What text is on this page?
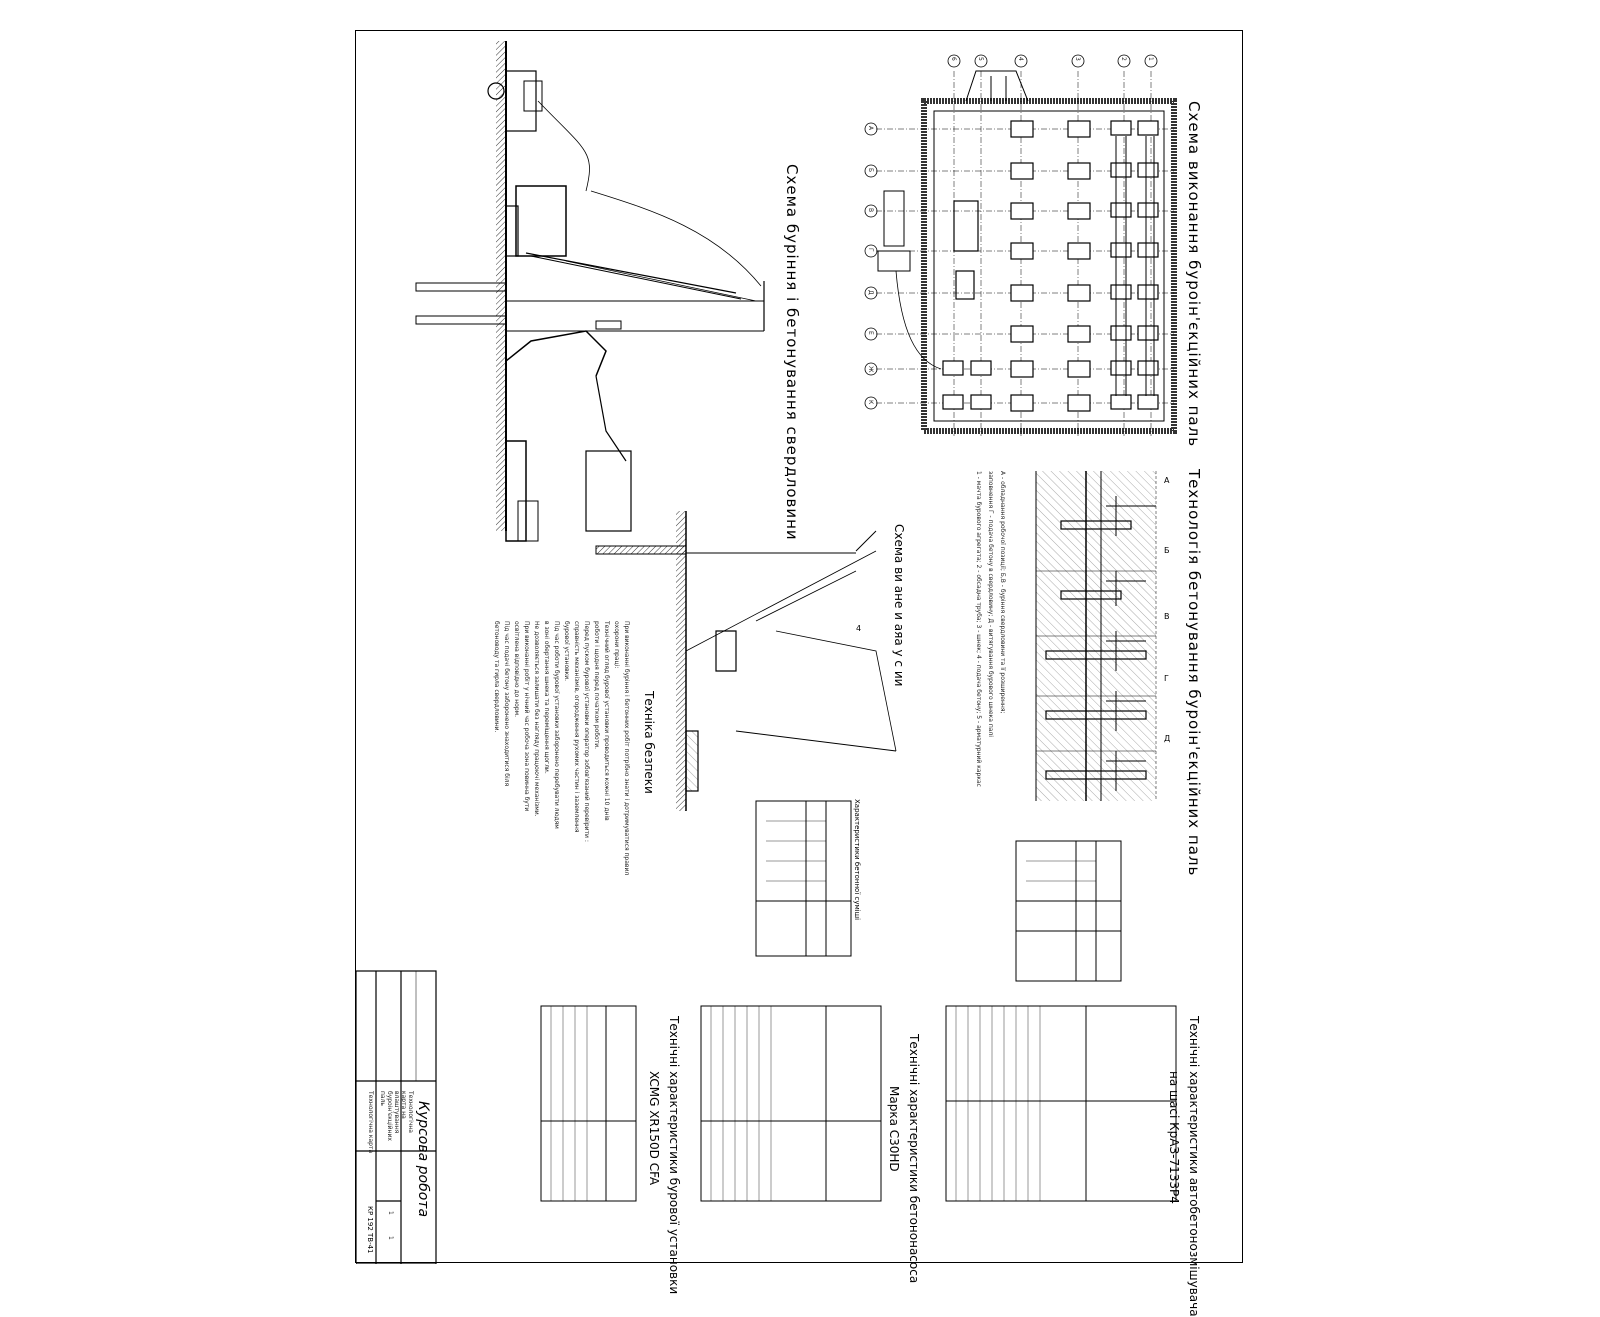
Схема виконання буроін'єкційних паль
Технологія бетонування буроін'єкційних паль
Схема буріння і бетонування свердловини
Схема ви ане и аяа у с ии
Техніка безпеки
Характеристики бетонної суміші
Технічні характеристики автобетонозмішувача
на шасі КрАЗ-7133Р4
Технічні характеристики бетононасоса
Марка С30НD
Технічні характеристики бурової установки
XCMG XR150D CFA
А - обладнання робочої позиції; Б,В - буріння свердловини та її розширення;
заповнення Г - подача бетону в свердловину; Д - витягування бурового шнека палі
1 - мачта бурового агрегата; 2 - обсадна труба; 3 - шнек; 4 - подача бетону; 5 - арматурний каркас
При виконанні буріння і бетонних робіт потрібно знати і дотримуватися правил
охорони праці:
Технічний огляд бурової установки проводиться кожні 10 днів
роботи і щодня перед початком роботи.
Перед пуском бурової установки оператор зобов'язаний перевірити :
справність механізмів, огородження рухомих частин і заземлення
бурової установки.
Під час роботи бурової установки заборонено перебувати людям
в зоні обертання шнека та переміщення щогли.
Не дозволяється залишати без нагляду працюючі механізми.
При виконанні робіт у нічний час робоча зона повинна бути
освітлена відповідно до норм.
Під час подачі бетону заборонено знаходитися біля
бетоноводу та гирла свердловини.
А
Б
В
Г
Д
4
Курсова робота
Технологічна карта на влаштування буроін'єкційних паль
Технологічна карта
1
1
КР 192 ТВ-41
6	5	4	3	2	1
А
Б
В
Г
Д
Е
Ж
К
